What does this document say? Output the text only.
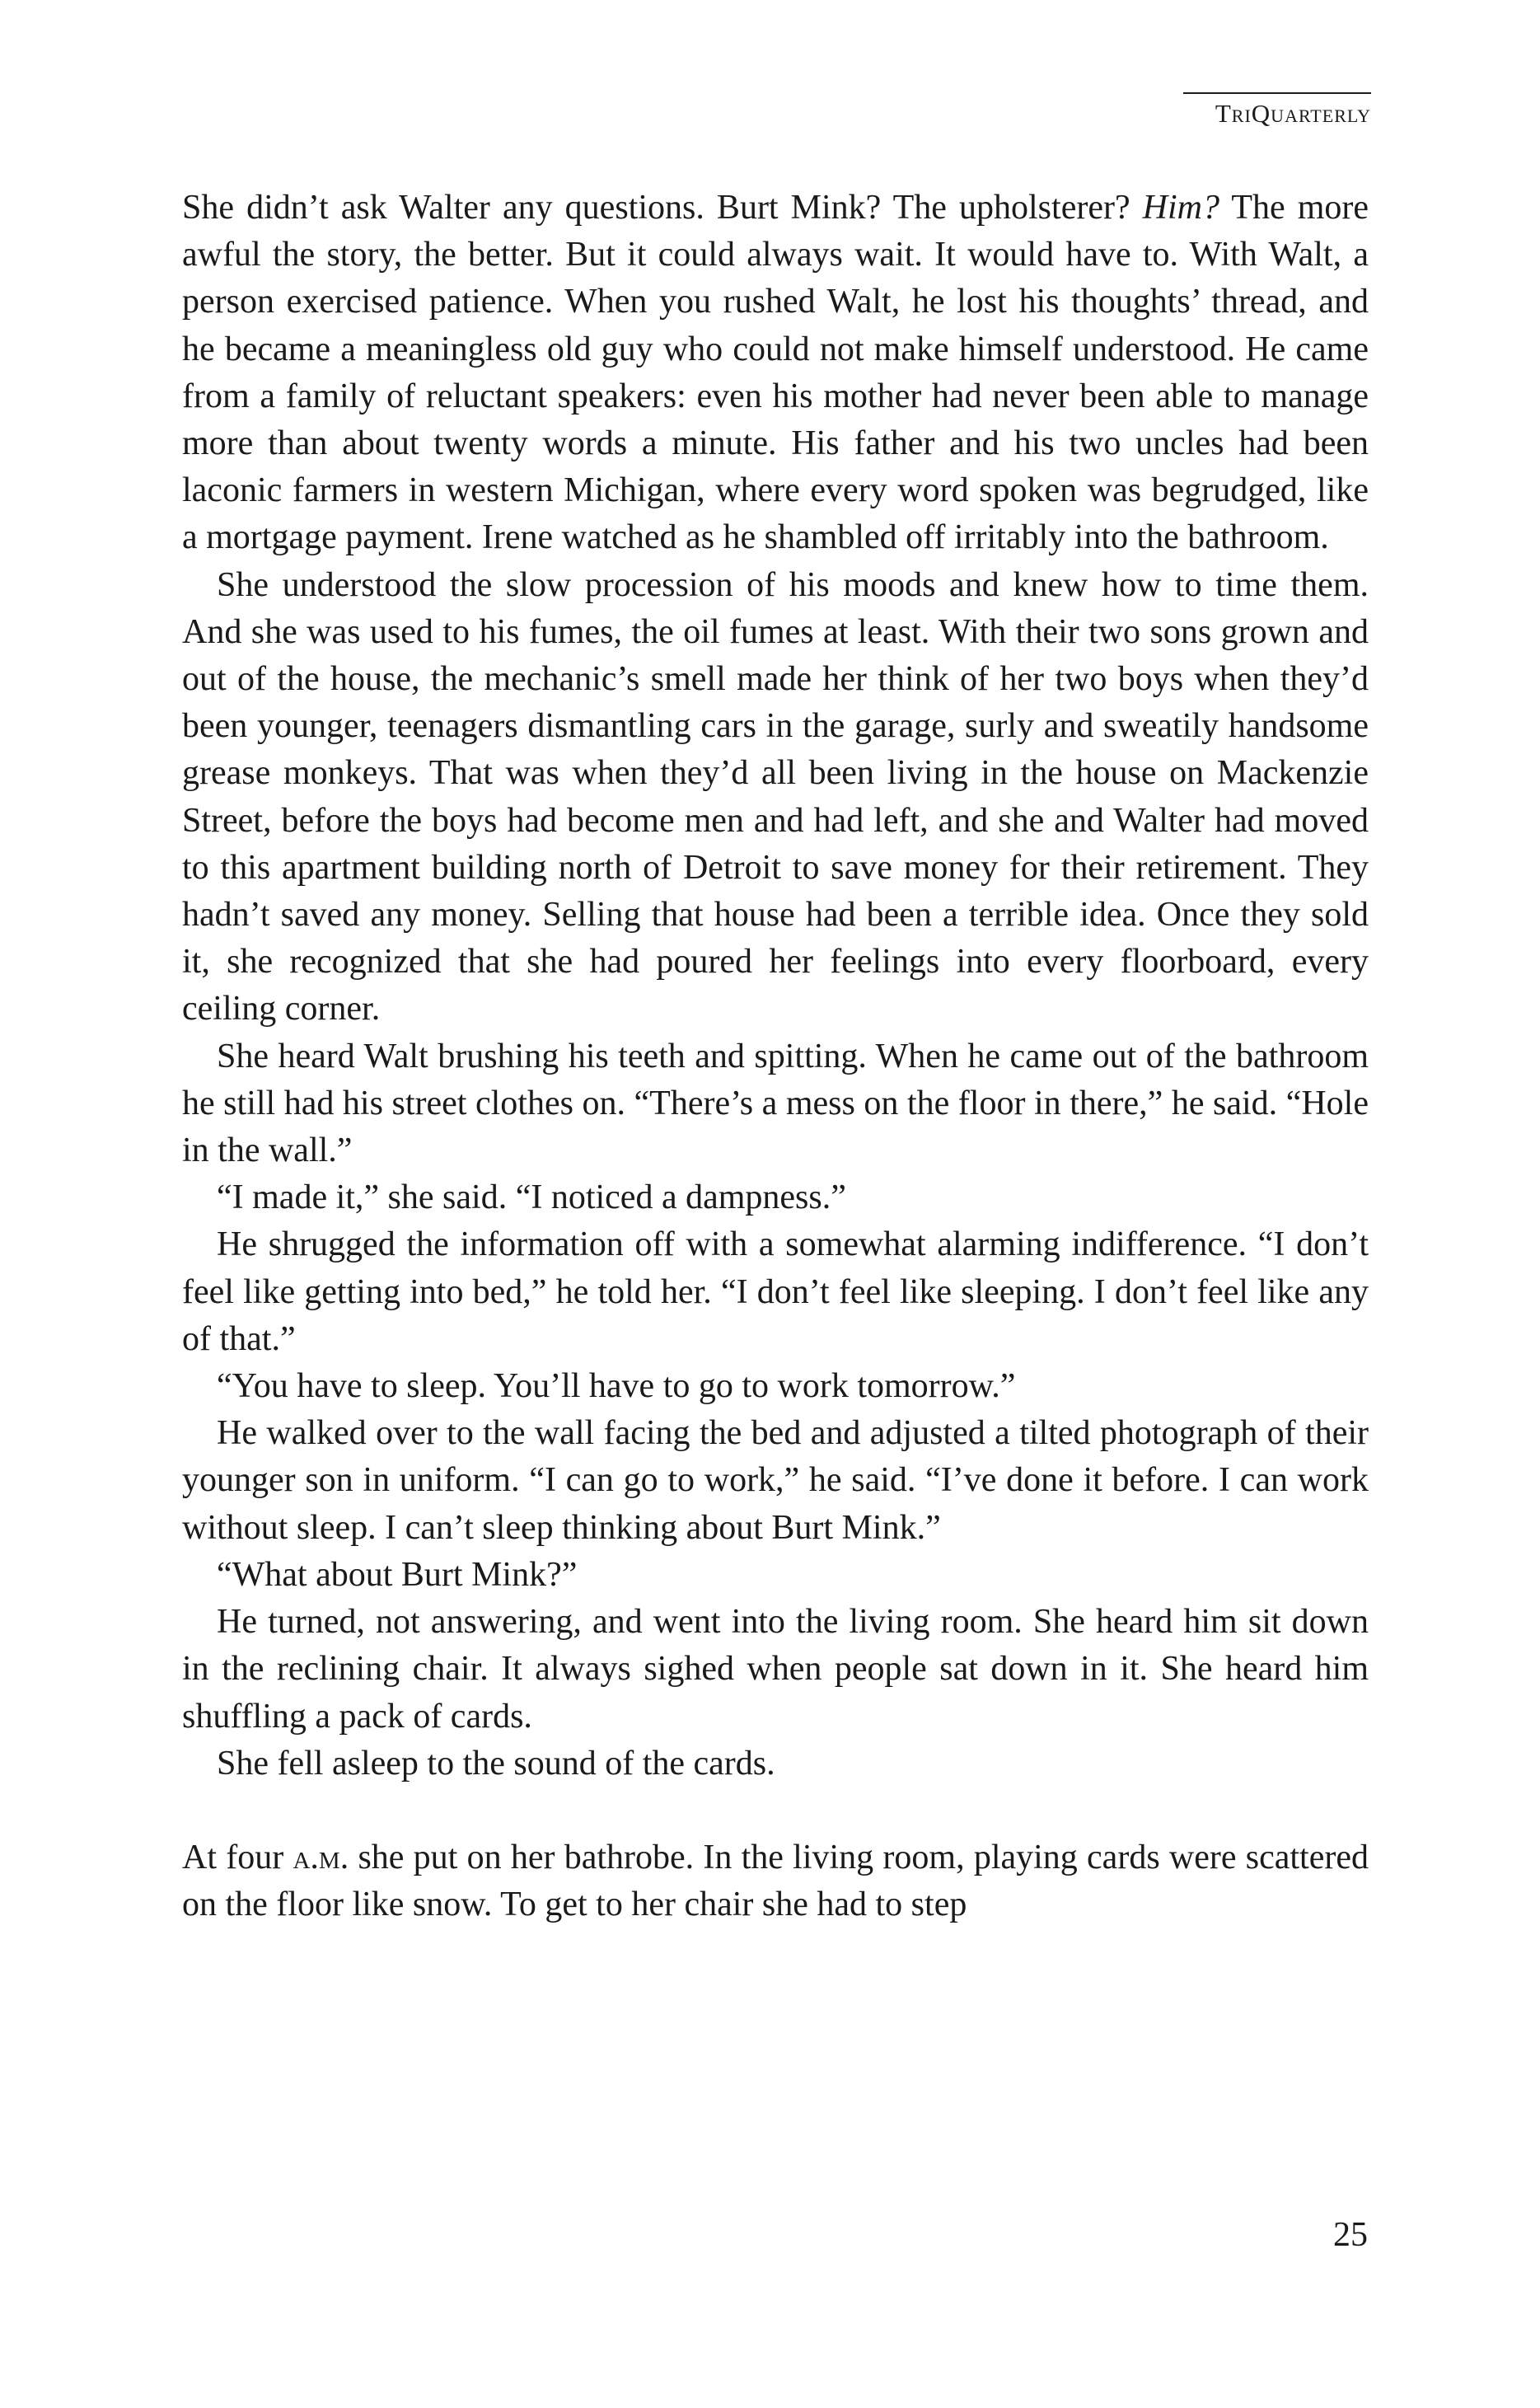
TriQuarterly

She didn’t ask Walter any questions. Burt Mink? The upholsterer? Him? The more awful the story, the better. But it could always wait. It would have to. With Walt, a person exercised patience. When you rushed Walt, he lost his thoughts’ thread, and he became a meaningless old guy who could not make himself understood. He came from a family of reluctant speakers: even his mother had never been able to manage more than about twenty words a minute. His father and his two uncles had been laconic farmers in western Michigan, where every word spoken was begrudged, like a mortgage payment. Irene watched as he shambled off irritably into the bathroom.

She understood the slow procession of his moods and knew how to time them. And she was used to his fumes, the oil fumes at least. With their two sons grown and out of the house, the mechanic’s smell made her think of her two boys when they’d been younger, teenagers dismantling cars in the garage, surly and sweatily handsome grease monkeys. That was when they’d all been living in the house on Mackenzie Street, before the boys had become men and had left, and she and Walter had moved to this apartment building north of Detroit to save money for their retirement. They hadn’t saved any money. Selling that house had been a terrible idea. Once they sold it, she recognized that she had poured her feelings into every floorboard, every ceiling corner.

She heard Walt brushing his teeth and spitting. When he came out of the bathroom he still had his street clothes on. “There’s a mess on the floor in there,” he said. “Hole in the wall.”

“I made it,” she said. “I noticed a dampness.”

He shrugged the information off with a somewhat alarming indifference. “I don’t feel like getting into bed,” he told her. “I don’t feel like sleeping. I don’t feel like any of that.”

“You have to sleep. You’ll have to go to work tomorrow.”

He walked over to the wall facing the bed and adjusted a tilted photograph of their younger son in uniform. “I can go to work,” he said. “I’ve done it before. I can work without sleep. I can’t sleep thinking about Burt Mink.”

“What about Burt Mink?”

He turned, not answering, and went into the living room. She heard him sit down in the reclining chair. It always sighed when people sat down in it. She heard him shuffling a pack of cards.

She fell asleep to the sound of the cards.

At four a.m. she put on her bathrobe. In the living room, playing cards were scattered on the floor like snow. To get to her chair she had to step

25
